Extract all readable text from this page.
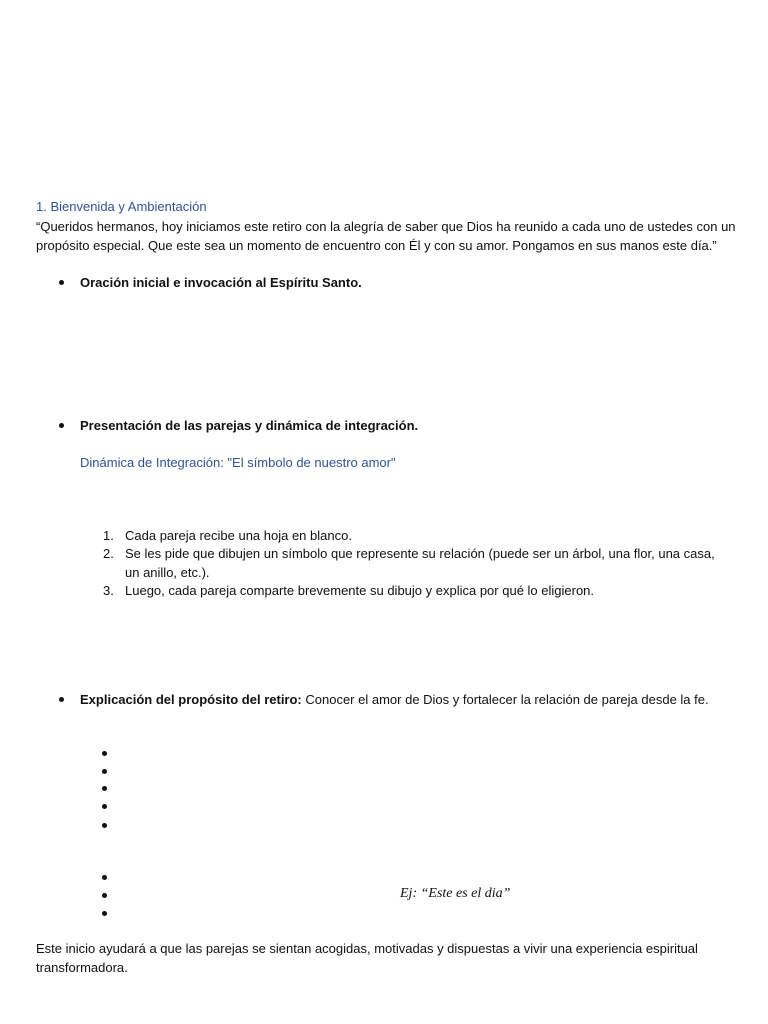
1. Bienvenida y Ambientación
“Queridos hermanos, hoy iniciamos este retiro con la alegría de saber que Dios ha reunido a cada uno de ustedes con un propósito especial. Que este sea un momento de encuentro con Él y con su amor. Pongamos en sus manos este día.”
Oración inicial e invocación al Espíritu Santo.
Presentación de las parejas y dinámica de integración.
Dinámica de Integración: "El símbolo de nuestro amor"
1. Cada pareja recibe una hoja en blanco.
2. Se les pide que dibujen un símbolo que represente su relación (puede ser un árbol, una flor, una casa, un anillo, etc.).
3. Luego, cada pareja comparte brevemente su dibujo y explica por qué lo eligieron.
Explicación del propósito del retiro: Conocer el amor de Dios y fortalecer la relación de pareja desde la fe.
Ej: “Este es el dia”
Este inicio ayudará a que las parejas se sientan acogidas, motivadas y dispuestas a vivir una experiencia espiritual transformadora.
